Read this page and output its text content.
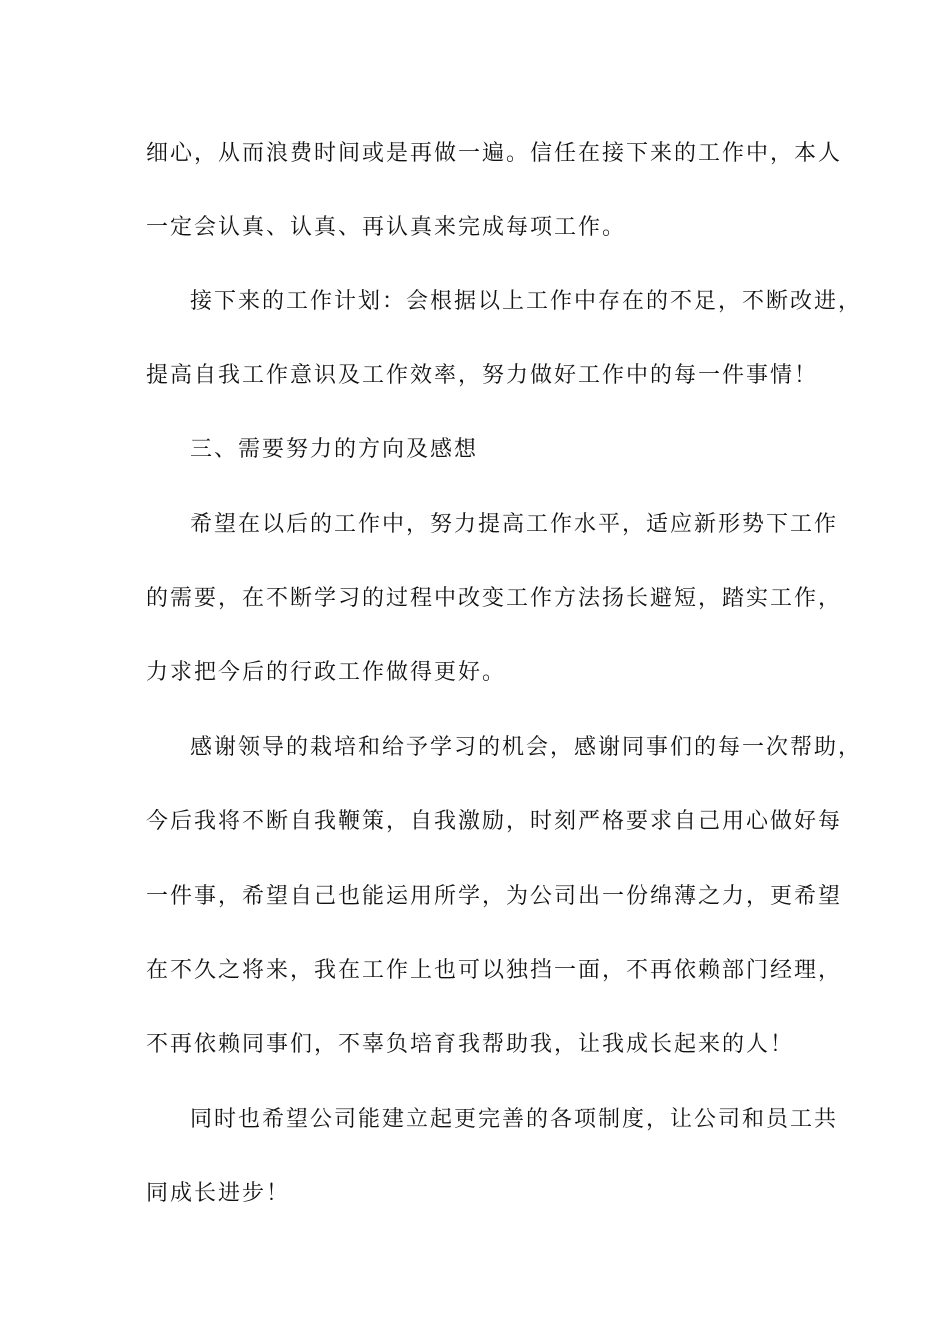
细心，从而浪费时间或是再做一遍。信任在接下来的工作中，本人
一定会认真、认真、再认真来完成每项工作。
接下来的工作计划：会根据以上工作中存在的不足，不断改进，
提高自我工作意识及工作效率，努力做好工作中的每一件事情！
三、需要努力的方向及感想
希望在以后的工作中，努力提高工作水平，适应新形势下工作
的需要，在不断学习的过程中改变工作方法扬长避短，踏实工作，
力求把今后的行政工作做得更好。
感谢领导的栽培和给予学习的机会，感谢同事们的每一次帮助，
今后我将不断自我鞭策，自我激励，时刻严格要求自己用心做好每
一件事，希望自己也能运用所学，为公司出一份绵薄之力，更希望
在不久之将来，我在工作上也可以独挡一面，不再依赖部门经理，
不再依赖同事们，不辜负培育我帮助我，让我成长起来的人！
同时也希望公司能建立起更完善的各项制度，让公司和员工共
同成长进步！
